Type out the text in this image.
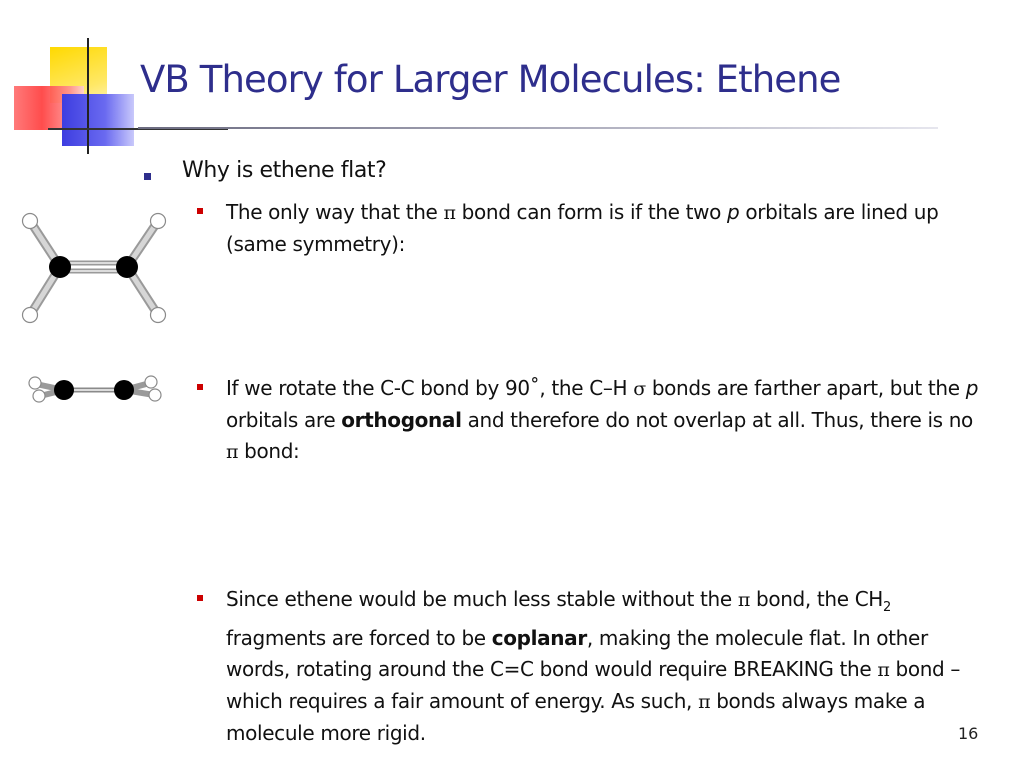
VB Theory for Larger Molecules: Ethene
Why is ethene flat?
The only way that the π bond can form is if the two p orbitals are lined up (same symmetry):
If we rotate the C-C bond by 90˚, the C–H σ bonds are farther apart, but the p orbitals are orthogonal and therefore do not overlap at all. Thus, there is no π bond:
Since ethene would be much less stable without the π bond, the $CH_2$ fragments are forced to be coplanar, making the molecule flat. In other words, rotating around the C=C bond would require BREAKING the π bond – which requires a fair amount of energy. As such, π bonds always make a molecule more rigid.	16
